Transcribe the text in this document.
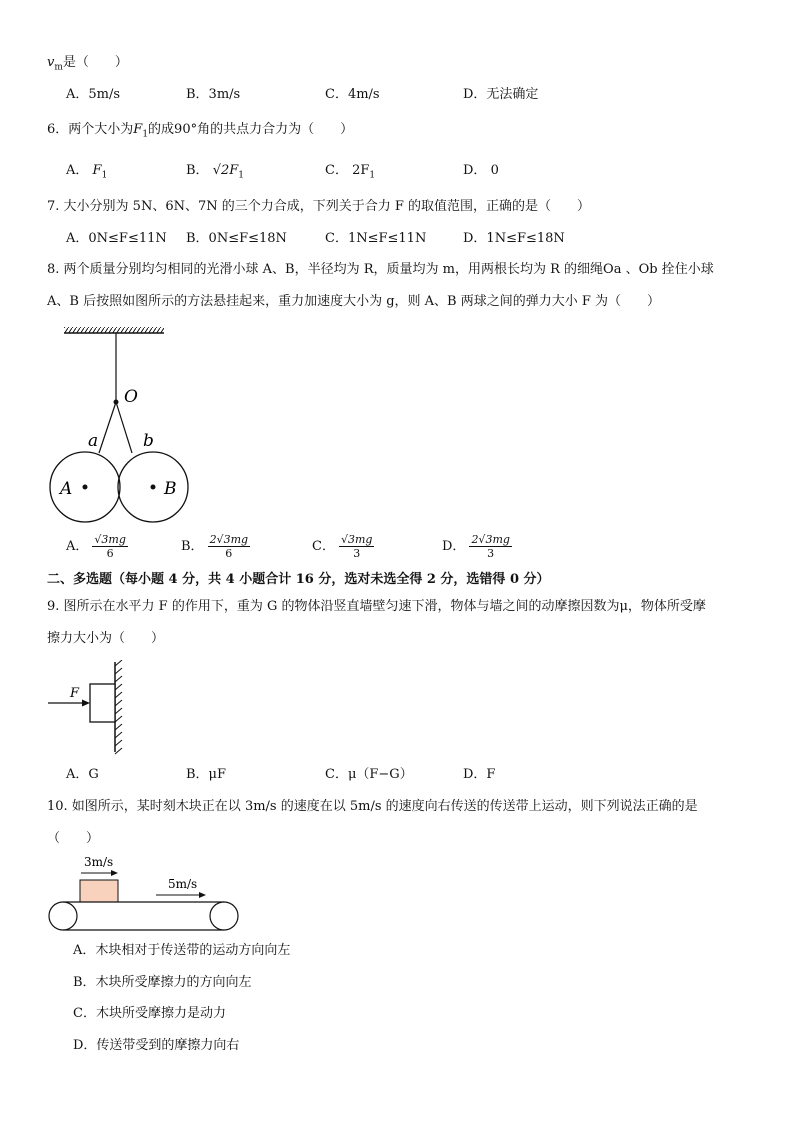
$v_m$是（　　）
A．5m/s	B．3m/s	C．4m/s	D．无法确定
6．两个大小为$F_1$的成90°角的共点力合力为（　　）
A． $F_1$	B． $√2F_1$	C． $2F_1$	D． 0
7. 大小分别为 5N、6N、7N 的三个力合成，下列关于合力 F 的取值范围，正确的是（　　）
A．0N≤F≤11N B．0N≤F≤18N	C．1N≤F≤11N	D．1N≤F≤18N
8. 两个质量分别均匀相同的光滑小球 A、B，半径均为 R，质量均为 m，用两根长均为 R 的细绳Oa 、Ob 拴住小球
A、B 后按照如图所示的方法悬挂起来，重力加速度大小为 g，则 A、B 两球之间的弹力大小 F 为（　　）
O
a	b
A	B
A． $\frac{√3mg}{6}$	B． $\frac{2√3mg}{6}$	C． $\frac{√3mg}{3}$	D． $\frac{2√3mg}{3}$
二、多选题（每小题 4 分，共 4 小题合计 16 分，选对未选全得 2 分，选错得 0 分）
9. 图所示在水平力 F 的作用下，重为 G 的物体沿竖直墙壁匀速下滑，物体与墙之间的动摩擦因数为μ，物体所受摩
擦力大小为（　　）
F
A．G	B．μF	C．μ（F−G）	D．F
10. 如图所示，某时刻木块正在以 3m/s 的速度在以 5m/s 的速度向右传送的传送带上运动，则下列说法正确的是
（　　）
3m/s
5m/s
A．木块相对于传送带的运动方向向左
B．木块所受摩擦力的方向向左
C．木块所受摩擦力是动力
D．传送带受到的摩擦力向右
